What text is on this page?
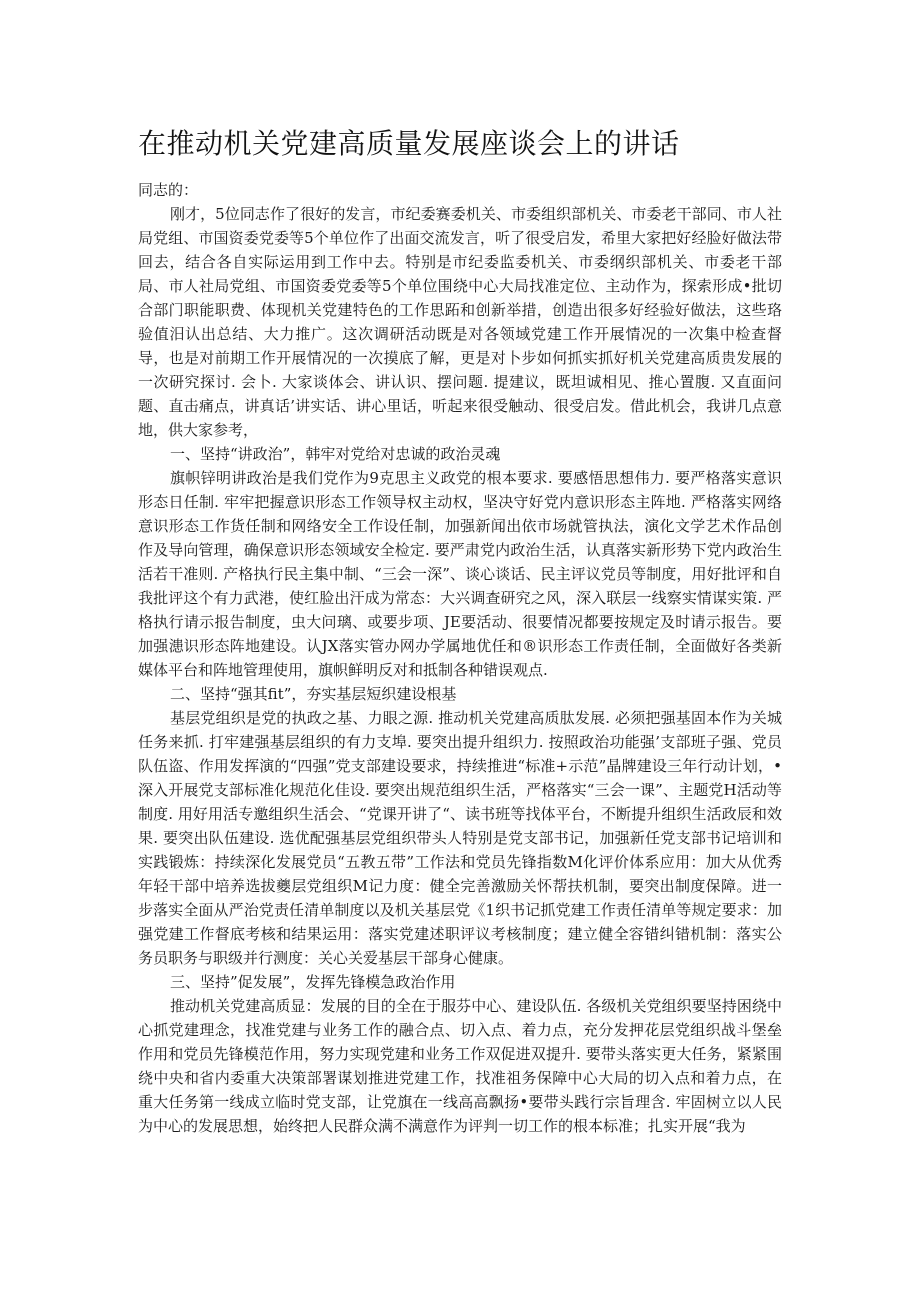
在推动机关党建高质量发展座谈会上的讲话

同志的：

刚才，5位同志作了很好的发言，市纪委赛委机关、市委组织部机关、市委老干部同、市人社局党组、市国资委党委等5个单位作了出面交流发言，听了很受启发，希里大家把好经脸好做法带回去，结合各自实际运用到工作中去。特别是市纪委监委机关、市委纲织部机关、市委老干部局、市人社局党组、市国资委党委等5个单位围绕中心大局找准定位、主动作为，探索形成•批切合部门职能职费、体现机关党建特色的工作思跖和创新举措，创造出很多好经验好做法，这些珞验值汨认出总结、大力推广。这次调研活动既是对各领域党建工作开展情况的一次集中检查督导，也是对前期工作开展情况的一次摸底了解，更是对卜步如何抓实抓好机关党建高质贵发展的一次研究探讨. 会卜. 大家谈体会、讲认识、摆问题. 提建议，既坦诚相见、推心置腹. 又直面问题、直击痛点，讲真话’讲实话、讲心里话，听起来很受触动、很受启发。借此机会，我讲几点意地，供大家参考，

一、坚持“讲政治”，韩牢对党给对忠诚的政治灵魂

旗帜锌明讲政治是我们党作为9克思主义政党的根本要求. 要感悟思想伟力. 要严格落实意识形态日任制. 牢牢把握意识形态工作领导权主动权，坚决守好党内意识形态主阵地. 严格落实网络意识形态工作货任制和网络安全工作设任制，加强新闻出依市场就管执法，演化文学艺术作品创作及导向管理，确保意识形态领域安全检定. 要严肃党内政治生活，认真落实新形势下党内政治生活若干准则. 产格执行民主集中制、“三会一深”、谈心谈话、民主评议党员等制度，用好批评和自我批评这个有力武港，使红脸出汗成为常态：大兴调查研究之风，深入联层一线察实情谋实策. 严格执行请示报告制度，虫大问璃、或要步项、JE要活动、很要情况都要按规定及时请示报告。要加强漶识形态阵地建设。认JX落实管办网办学属地优任和®识形态工作责任制，全面做好各类新媒体平台和阵地管理使用，旗帜鲜明反对和抵制各种错误观点.

二、坚持“强其fit”，夯实基层短织建设根基

基层党组织是党的执政之基、力眼之源. 推动机关党建高质肽发展. 必须把强基固本作为关城任务来抓. 打牢建强基层组织的有力支埠. 要突出提升组织力. 按照政治功能强’支部班子强、党员队伍盗、作用发挥演的“四强”党支部建设要求，持续推进“标准+示范”晶牌建设三年行动计划，•深入开展党支部标准化规范化佳设. 要突出规范组织生活，严格落实“三会一课”、主题党H活动等制度. 用好用活专邀组织生活会、“党课开讲了“、读书班等找体平台，不断提升组织生活政辰和效果. 要突出队伍建设. 选优配强基层党组织带头人特别是党支部书记，加强新任党支部书记培训和实践锻炼：持续深化发展党员“五教五带”工作法和党员先锋指数M化评价体系应用：加大从优秀年轻干部中培养选拔夔层党组织M记力度：健全完善激励关怀帮扶机制，要突出制度保障。进一步落实全面从严治党责任清单制度以及机关基层党《1织书记抓党建工作责任清单等规定要求：加强党建工作督底考核和结果运用：落实党建述职评议考核制度；建立健全容错纠错机制：落实公务员职务与职级并行测度：关心关爱基层干部身心健康。

三、坚持”促发展”，发挥先锋模急政治作用

推动机关党建高质显：发展的目的全在于服芬中心、建设队伍. 各级机关党组织要坚持困绕中心抓党建理念，找准党建与业务工作的融合点、切入点、着力点，充分发押花层党组织战斗堡垒作用和党员先锋模范作用，努力实现党建和业务工作双促进双提升. 要带头落实更大任务，紧紧围绕中央和省内委重大决策部署谋划推进党建工作，找准祖务保障中心大局的切入点和着力点，在重大任务第一线成立临时党支部，让党旗在一线高高飘扬•要带头践行宗旨理含. 牢固树立以人民为中心的发展思想，始终把人民群众满不满意作为评判一切工作的根本标准；扎实开展“我为
